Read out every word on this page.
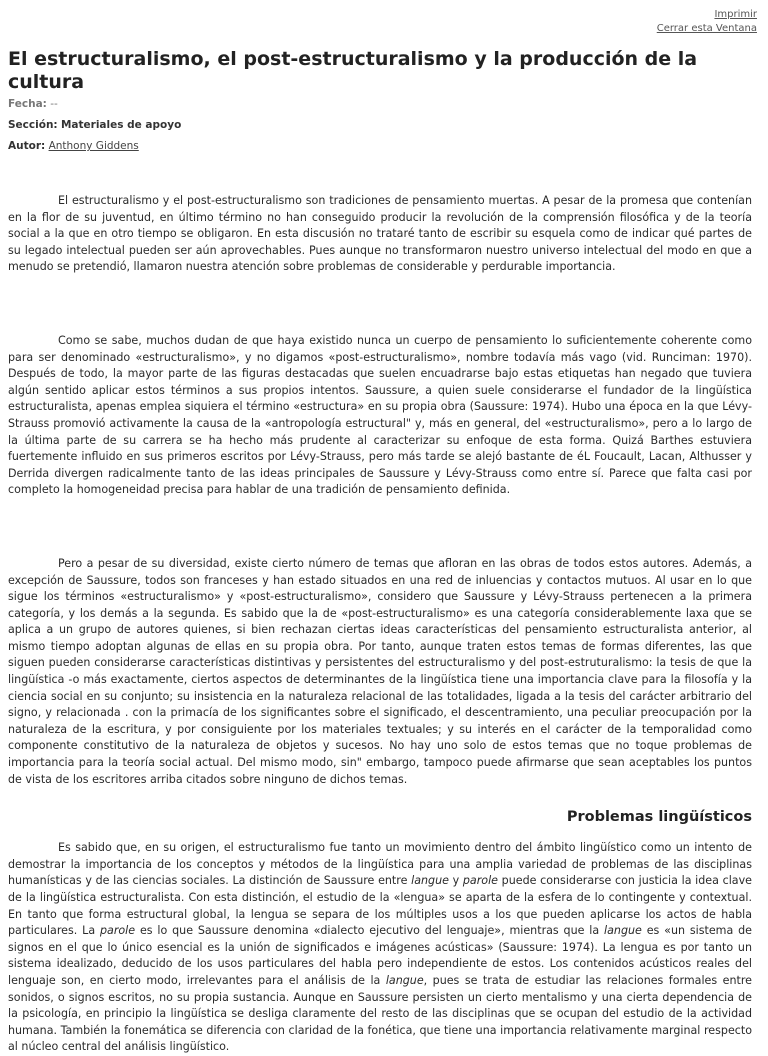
Imprimir
Cerrar esta Ventana
El estructuralismo, el post-estructuralismo y la producción de la cultura
Fecha: --
Sección: Materiales de apoyo
Autor: Anthony Giddens

El estructuralismo y el post-estructuralismo son tradiciones de pensamiento muertas. A pesar de la promesa que contenían en la flor de su juventud, en último término no han conseguido producir la revolución de la comprensión filosófica y de la teoría social a la que en otro tiempo se obligaron. En esta discusión no trataré tanto de escribir su esquela como de indicar qué partes de su legado intelectual pueden ser aún aprovechables. Pues aunque no transformaron nuestro universo intelectual del modo en que a menudo se pretendió, llamaron nuestra atención sobre problemas de considerable y perdurable importancia.

Como se sabe, muchos dudan de que haya existido nunca un cuerpo de pensamiento lo suficientemente coherente como para ser denominado «estructuralismo», y no digamos «post-estructuralismo», nombre todavía más vago (vid. Runciman: 1970). Después de todo, la mayor parte de las figuras destacadas que suelen encuadrarse bajo estas etiquetas han negado que tuviera algún sentido aplicar estos términos a sus propios intentos. Saussure, a quien suele considerarse el fundador de la lingüística estructuralista, apenas emplea siquiera el término «estructura» en su propia obra (Saussure: 1974). Hubo una época en la que Lévy-Strauss promovió activamente la causa de la «antropología estructural" y, más en general, del «estructuralismo», pero a lo largo de la última parte de su carrera se ha hecho más prudente al caracterizar su enfoque de esta forma. Quizá Barthes estuviera fuertemente influido en sus primeros escritos por Lévy-Strauss, pero más tarde se alejó bastante de éL Foucault, Lacan, Althusser y Derrida divergen radicalmente tanto de las ideas principales de Saussure y Lévy-Strauss como entre sí. Parece que falta casi por completo la homogeneidad precisa para hablar de una tradición de pensamiento definida.

Pero a pesar de su diversidad, existe cierto número de temas que afloran en las obras de todos estos autores. Además, a excepción de Saussure, todos son franceses y han estado situados en una red de inluencias y contactos mutuos. Al usar en lo que sigue los términos «estructuralismo» y «post-estructuralismo», considero que Saussure y Lévy-Strauss pertenecen a la primera categoría, y los demás a la segunda. Es sabido que la de «post-estructuralismo» es una categoría considerablemente laxa que se aplica a un grupo de autores quienes, si bien rechazan ciertas ideas características del pensamiento estructuralista anterior, al mismo tiempo adoptan algunas de ellas en su propia obra. Por tanto, aunque traten estos temas de formas diferentes, las que siguen pueden considerarse características distintivas y persistentes del estructuralismo y del post-estruturalismo: la tesis de que la lingüística -o más exactamente, ciertos aspectos de determinantes de la lingüística tiene una importancia clave para la filosofía y la ciencia social en su conjunto; su insistencia en la naturaleza relacional de las totalidades, ligada a la tesis del carácter arbitrario del signo, y relacionada . con la primacía de los significantes sobre el significado, el descentramiento, una peculiar preocupación por la naturaleza de la escritura, y por consiguiente por los materiales textuales; y su interés en el carácter de la temporalidad como componente constitutivo de la naturaleza de objetos y sucesos. No hay uno solo de estos temas que no toque problemas de importancia para la teoría social actual. Del mismo modo, sin" embargo, tampoco puede afirmarse que sean aceptables los puntos de vista de los escritores arriba citados sobre ninguno de dichos temas.

Problemas lingüísticos

Es sabido que, en su origen, el estructuralismo fue tanto un movimiento dentro del ámbito lingüístico como un intento de demostrar la importancia de los conceptos y métodos de la lingüística para una amplia variedad de problemas de las disciplinas humanísticas y de las ciencias sociales. La distinción de Saussure entre langue y parole puede considerarse con justicia la idea clave de la lingüística estructuralista. Con esta distinción, el estudio de la «lengua» se aparta de la esfera de lo contingente y contextual. En tanto que forma estructural global, la lengua se separa de los múltiples usos a los que pueden aplicarse los actos de habla particulares. La parole es lo que Saussure denomina «dialecto ejecutivo del lenguaje», mientras que la langue es «un sistema de signos en el que lo único esencial es la unión de significados e imágenes acústicas» (Saussure: 1974). La lengua es por tanto un sistema idealizado, deducido de los usos particulares del habla pero independiente de estos. Los contenidos acústicos reales del lenguaje son, en cierto modo, irrelevantes para el análisis de la langue, pues se trata de estudiar las relaciones formales entre sonidos, o signos escritos, no su propia sustancia. Aunque en Saussure persisten un cierto mentalismo y una cierta dependencia de la psicología, en principio la lingüística se desliga claramente del resto de las disciplinas que se ocupan del estudio de la actividad humana. También la fonemática se diferencia con claridad de la fonética, que tiene una importancia relativamente marginal respecto al núcleo central del análisis lingüístico.
